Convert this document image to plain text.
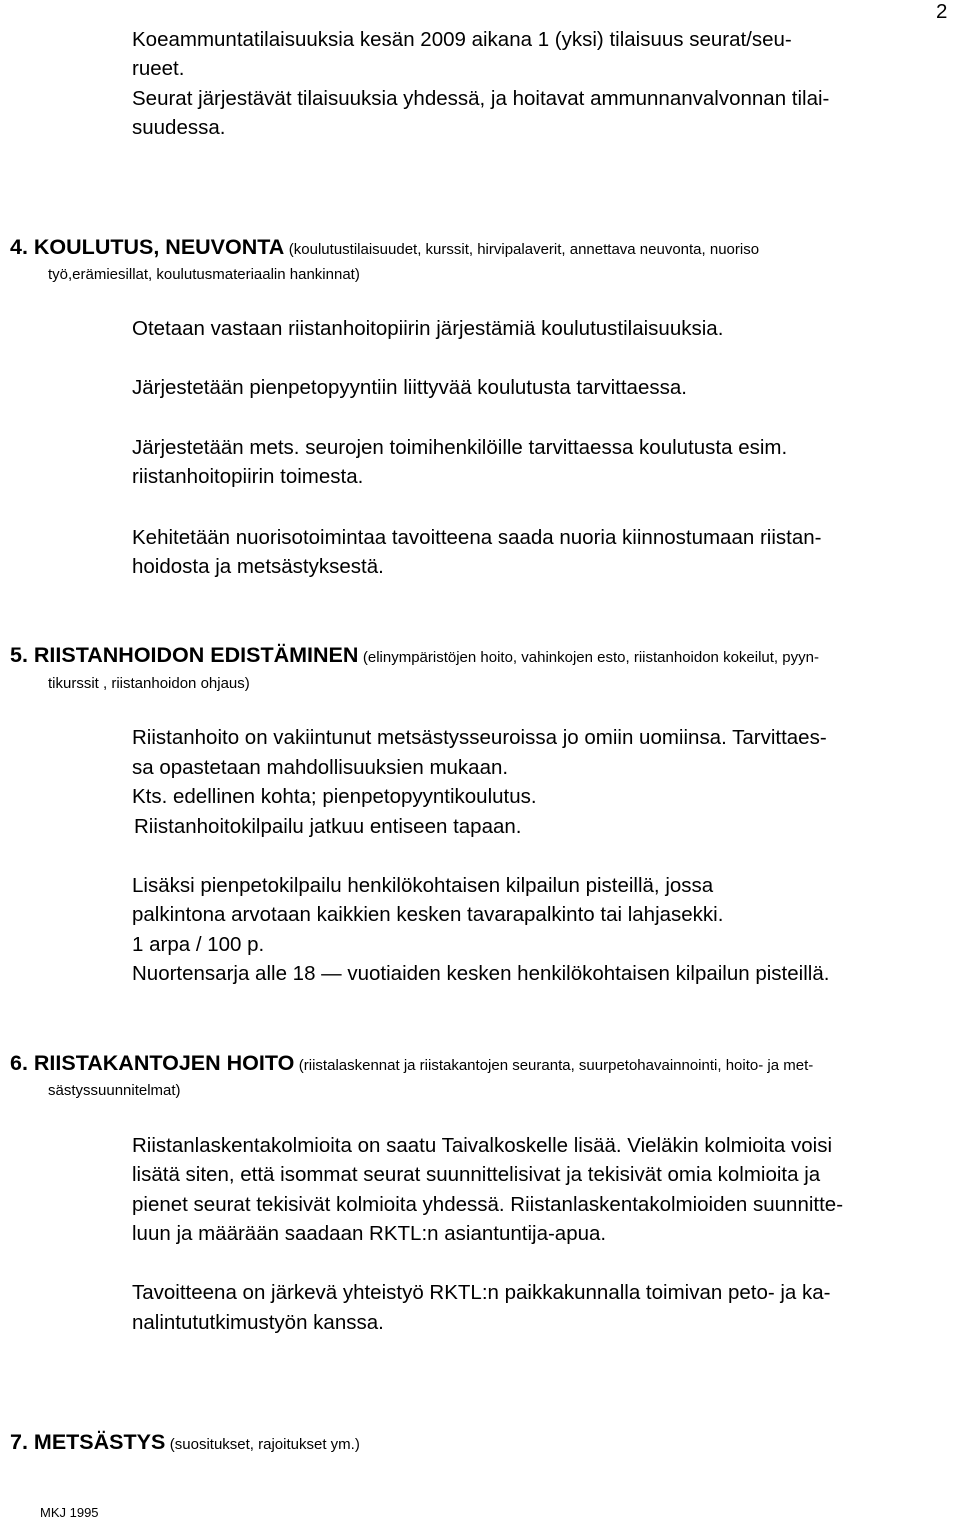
2
Koeammuntatilaisuuksia kesän 2009 aikana 1 (yksi) tilaisuus seurat/seu-
rueet.
Seurat järjestävät tilaisuuksia yhdessä, ja hoitavat ammunnanvalvonnan tilai-
suudessa.
4. KOULUTUS, NEUVONTA (koulutustilaisuudet, kurssit, hirvipalaverit, annettava neuvonta, nuoriso
työ,erämiesillat, koulutusmateriaalin hankinnat)
Otetaan vastaan riistanhoitopiirin järjestämiä koulutustilaisuuksia.
Järjestetään pienpetopyyntiin liittyvää koulutusta tarvittaessa.
Järjestetään mets. seurojen toimihenkilöille tarvittaessa koulutusta esim.
riistanhoitopiirin toimesta.
Kehitetään nuorisotoimintaa tavoitteena saada nuoria kiinnostumaan riistan-
hoidosta ja metsästyksestä.
5. RIISTANHOIDON EDISTÄMINEN (elinympäristöjen hoito, vahinkojen esto, riistanhoidon kokeilut, pyyn-
tikurssit , riistanhoidon ohjaus)
Riistanhoito on vakiintunut metsästysseuroissa jo omiin uomiinsa. Tarvittaes-
sa opastetaan mahdollisuuksien mukaan.
Kts. edellinen kohta; pienpetopyyntikoulutus.
Riistanhoitokilpailu jatkuu entiseen tapaan.
Lisäksi pienpetokilpailu henkilökohtaisen kilpailun pisteillä, jossa
palkintona arvotaan kaikkien kesken tavarapalkinto tai lahjasekki.
1 arpa / 100 p.
Nuortensarja alle 18 — vuotiaiden kesken henkilökohtaisen kilpailun pisteillä.
6. RIISTAKANTOJEN HOITO (riistalaskennat ja riistakantojen seuranta, suurpetohavainnointi, hoito- ja met-
sästyssuunnitelmat)
Riistanlaskentakolmioita on saatu Taivalkoskelle lisää. Vieläkin kolmioita voisi
lisätä siten, että isommat seurat suunnittelisivat ja tekisivät omia kolmioita ja
pienet seurat tekisivät kolmioita yhdessä. Riistanlaskentakolmioiden suunnitte-
luun ja määrään saadaan RKTL:n asiantuntija-apua.
Tavoitteena on järkevä yhteistyö RKTL:n paikkakunnalla toimivan peto- ja ka-
nalintututkimustyön kanssa.
7. METSÄSTYS (suositukset, rajoitukset ym.)
MKJ 1995
